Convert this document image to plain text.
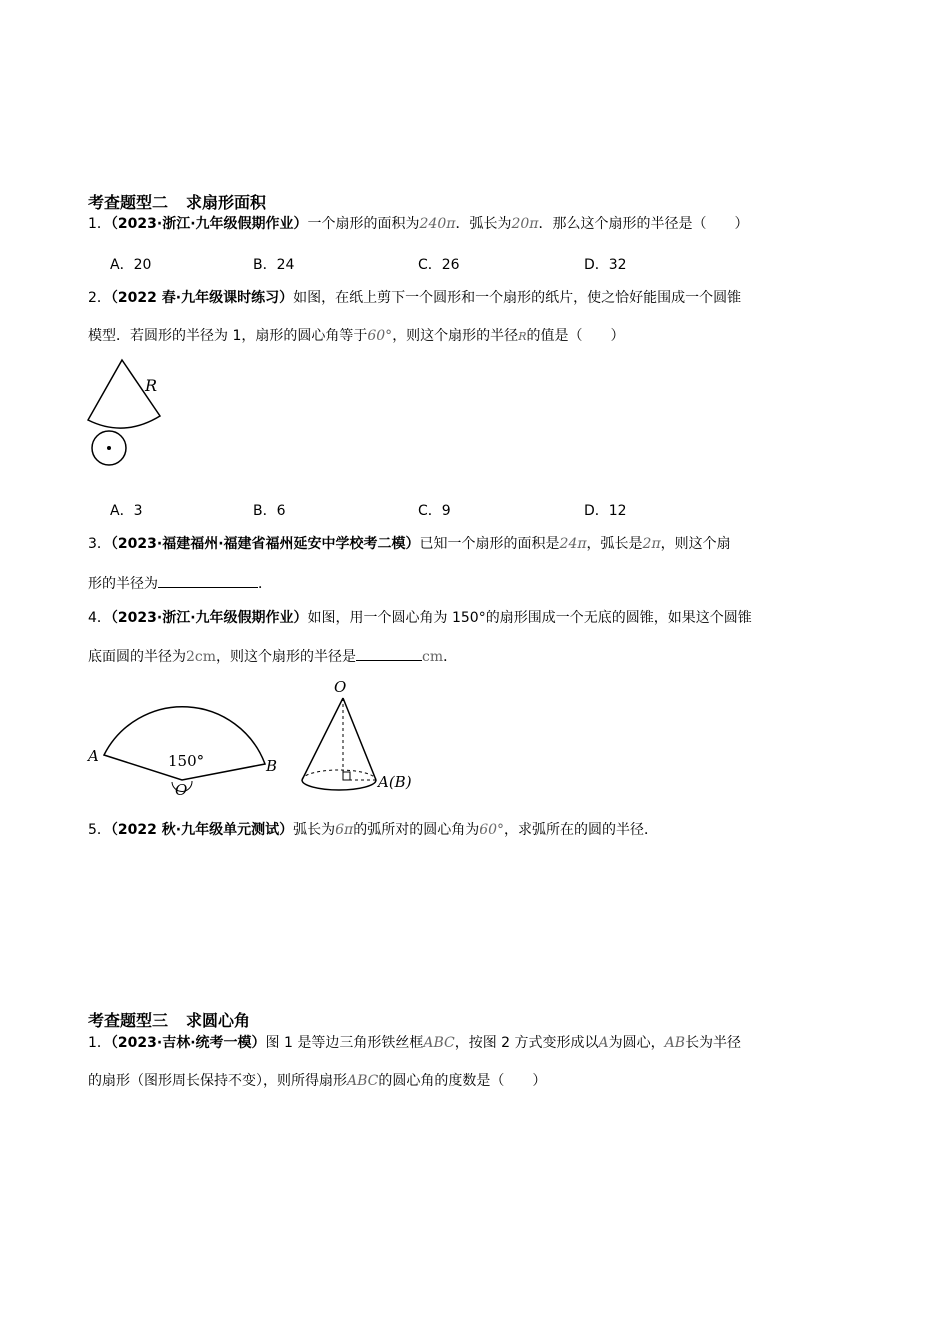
考查题型二 求扇形面积
1．（2023·浙江·九年级假期作业）一个扇形的面积为240π．弧长为20π．那么这个扇形的半径是（　　）
A．20	B．24	C．26	D．32
2．（2022 春·九年级课时练习）如图，在纸上剪下一个圆形和一个扇形的纸片，使之恰好能围成一个圆锥
模型．若圆形的半径为 1，扇形的圆心角等于60°，则这个扇形的半径R的值是（　　）
R
A．3	B．6	C．9	D．12
3．（2023·福建福州·福建省福州延安中学校考二模）已知一个扇形的面积是24π，弧长是2π，则这个扇
形的半径为	．
4．（2023·浙江·九年级假期作业）如图，用一个圆心角为 150°的扇形围成一个无底的圆锥，如果这个圆锥
底面圆的半径为2cm，则这个扇形的半径是	cm．
A
B
O
150°
O
A(B)
5．（2022 秋·九年级单元测试）弧长为6π的弧所对的圆心角为60°，求弧所在的圆的半径．
考查题型三 求圆心角
1．（2023·吉林·统考一模）图 1 是等边三角形铁丝框ABC，按图 2 方式变形成以A为圆心，AB长为半径
的扇形（图形周长保持不变），则所得扇形ABC的圆心角的度数是（　　）
